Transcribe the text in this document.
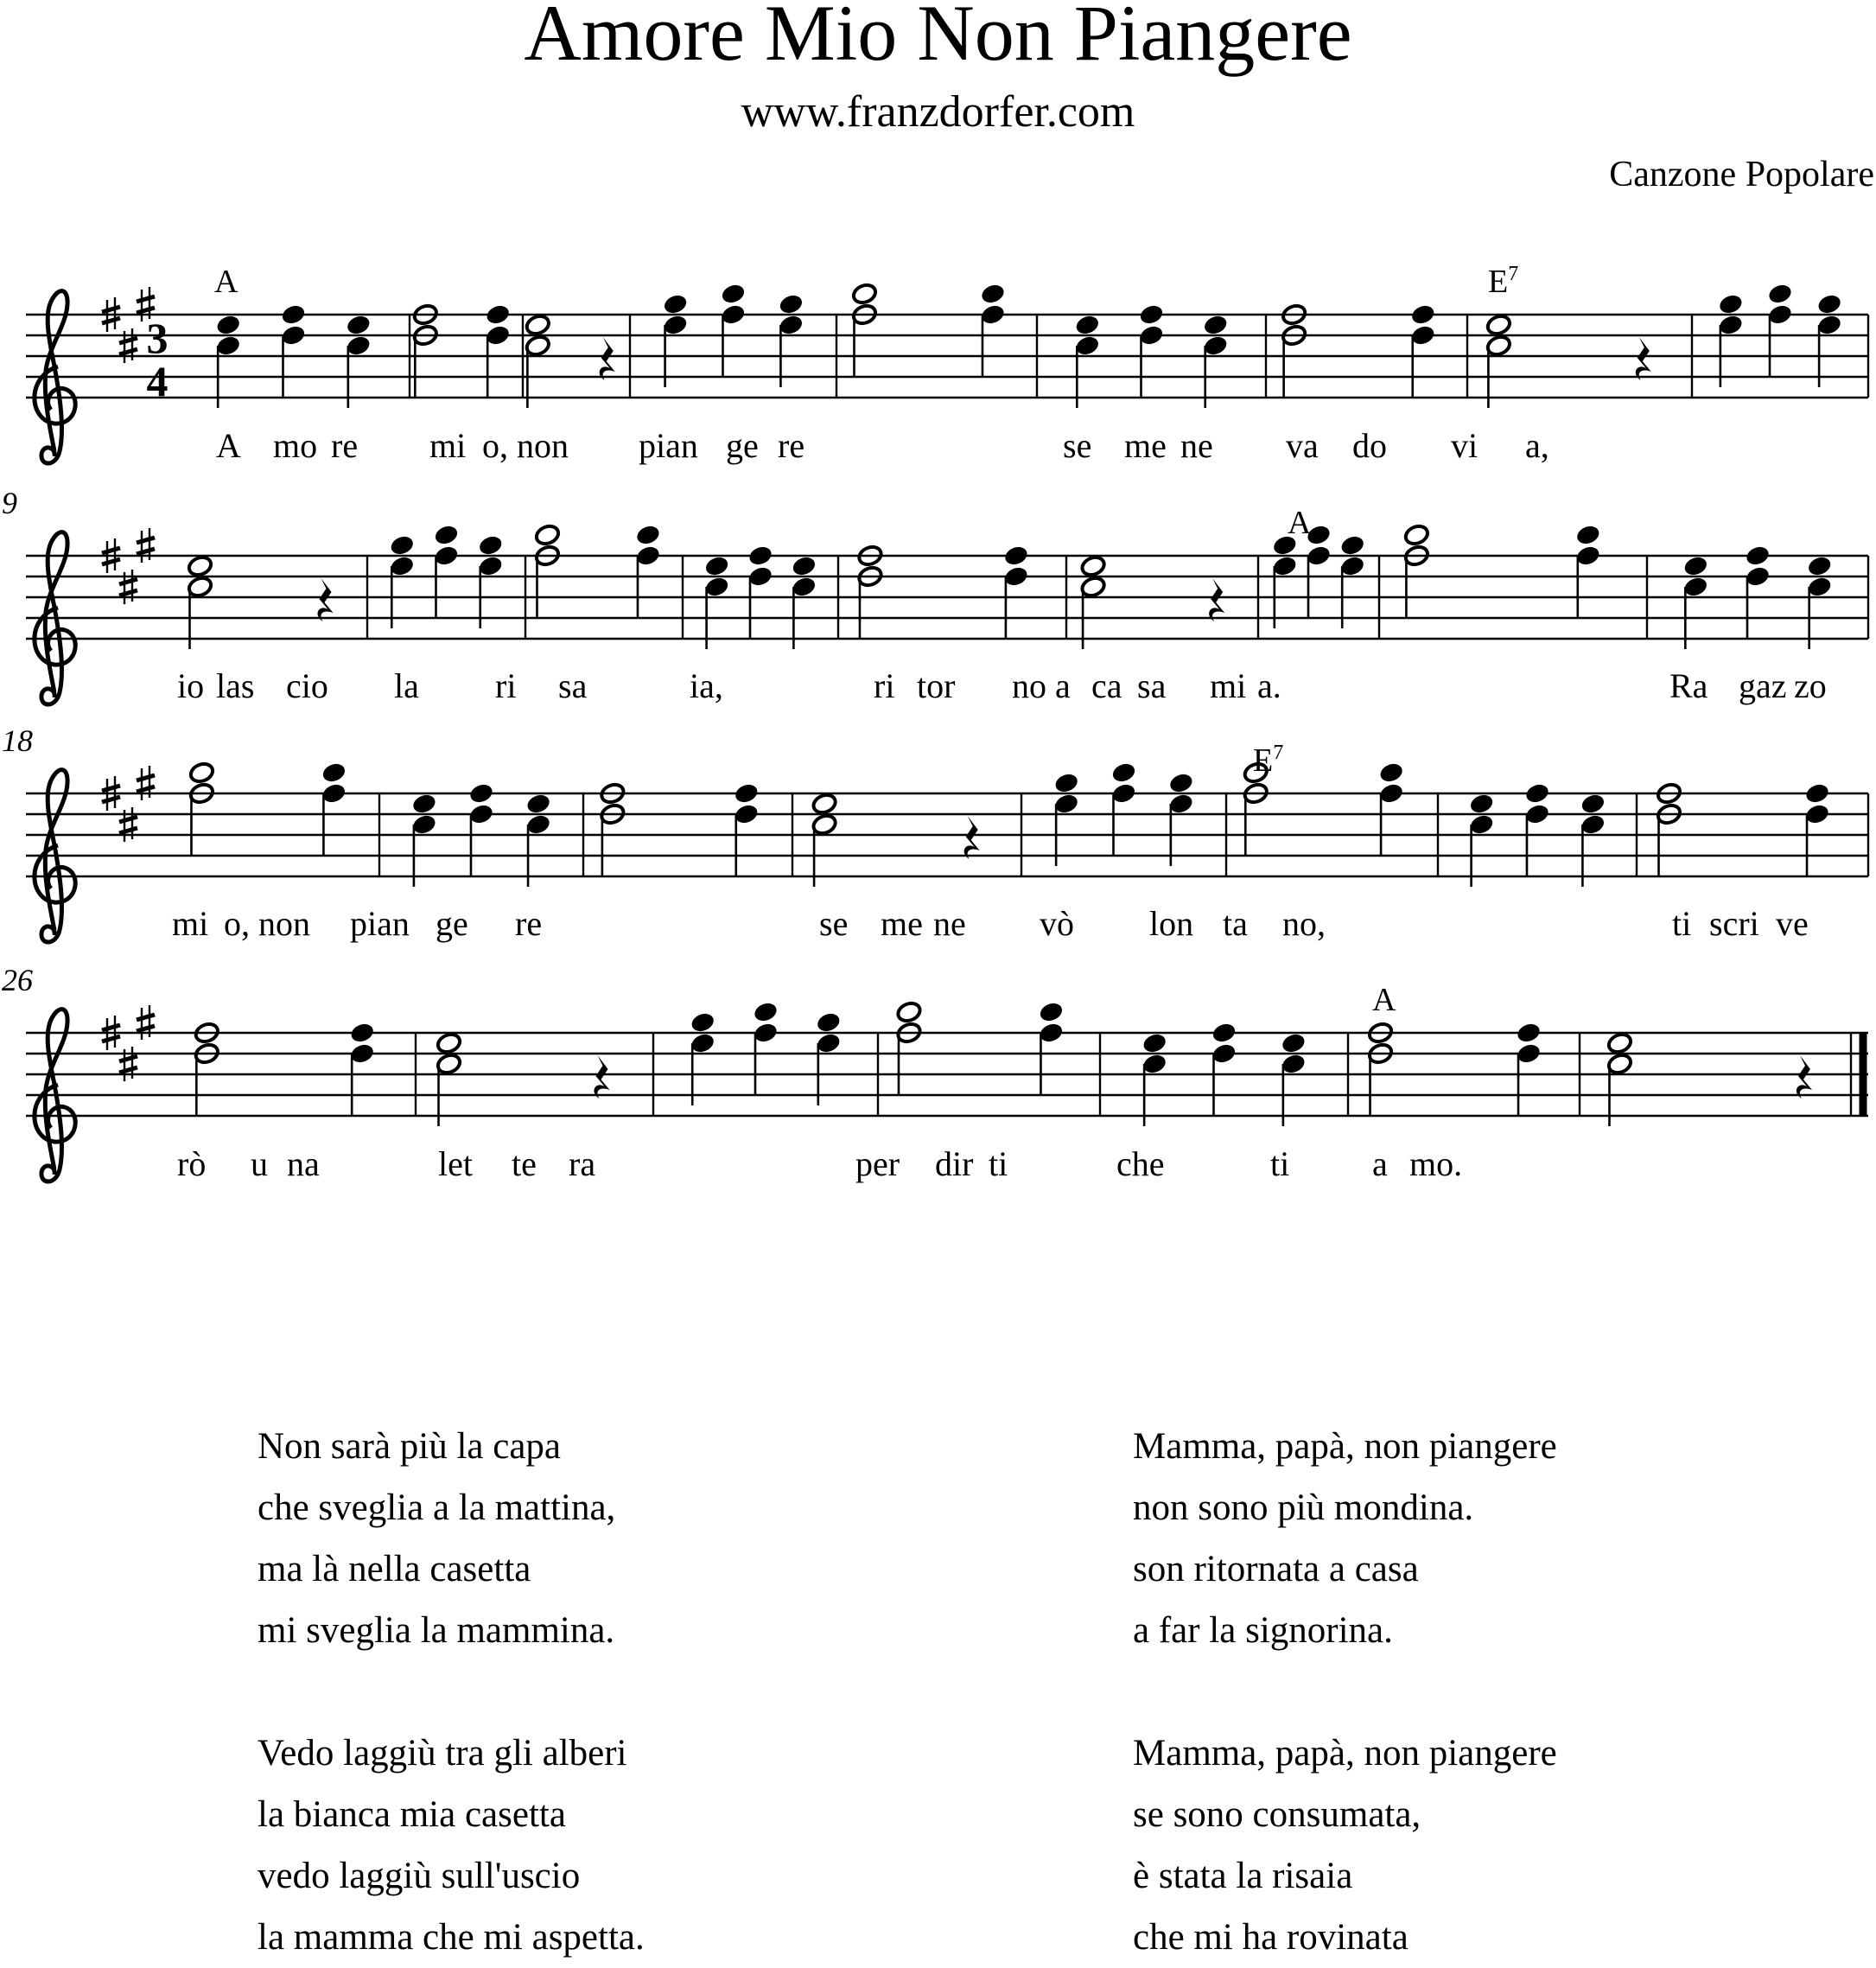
Amore Mio Non Piangere
www.franzdorfer.com
Canzone Popolare
3
4
A	$E^7$
A mo re mi o, non pian ge re	se me ne va do vi a,
9
A
io las cio la ri sa	ia,	ri tor no a ca sa mi a.	Ra gaz zo
18
$E^7$
mi o, non pian ge re	se me ne vò lon ta no,	ti scri ve
26
A
rò u na	let te ra	per dir ti	che	ti a mo.
Non sarà più la capa
che sveglia a la mattina,
ma là nella casetta
mi sveglia la mammina.
Vedo laggiù tra gli alberi
la bianca mia casetta
vedo laggiù sull'uscio
la mamma che mi aspetta.
Mamma, papà, non piangere
non sono più mondina.
son ritornata a casa
a far la signorina.
Mamma, papà, non piangere
se sono consumata,
è stata la risaia
che mi ha rovinata
